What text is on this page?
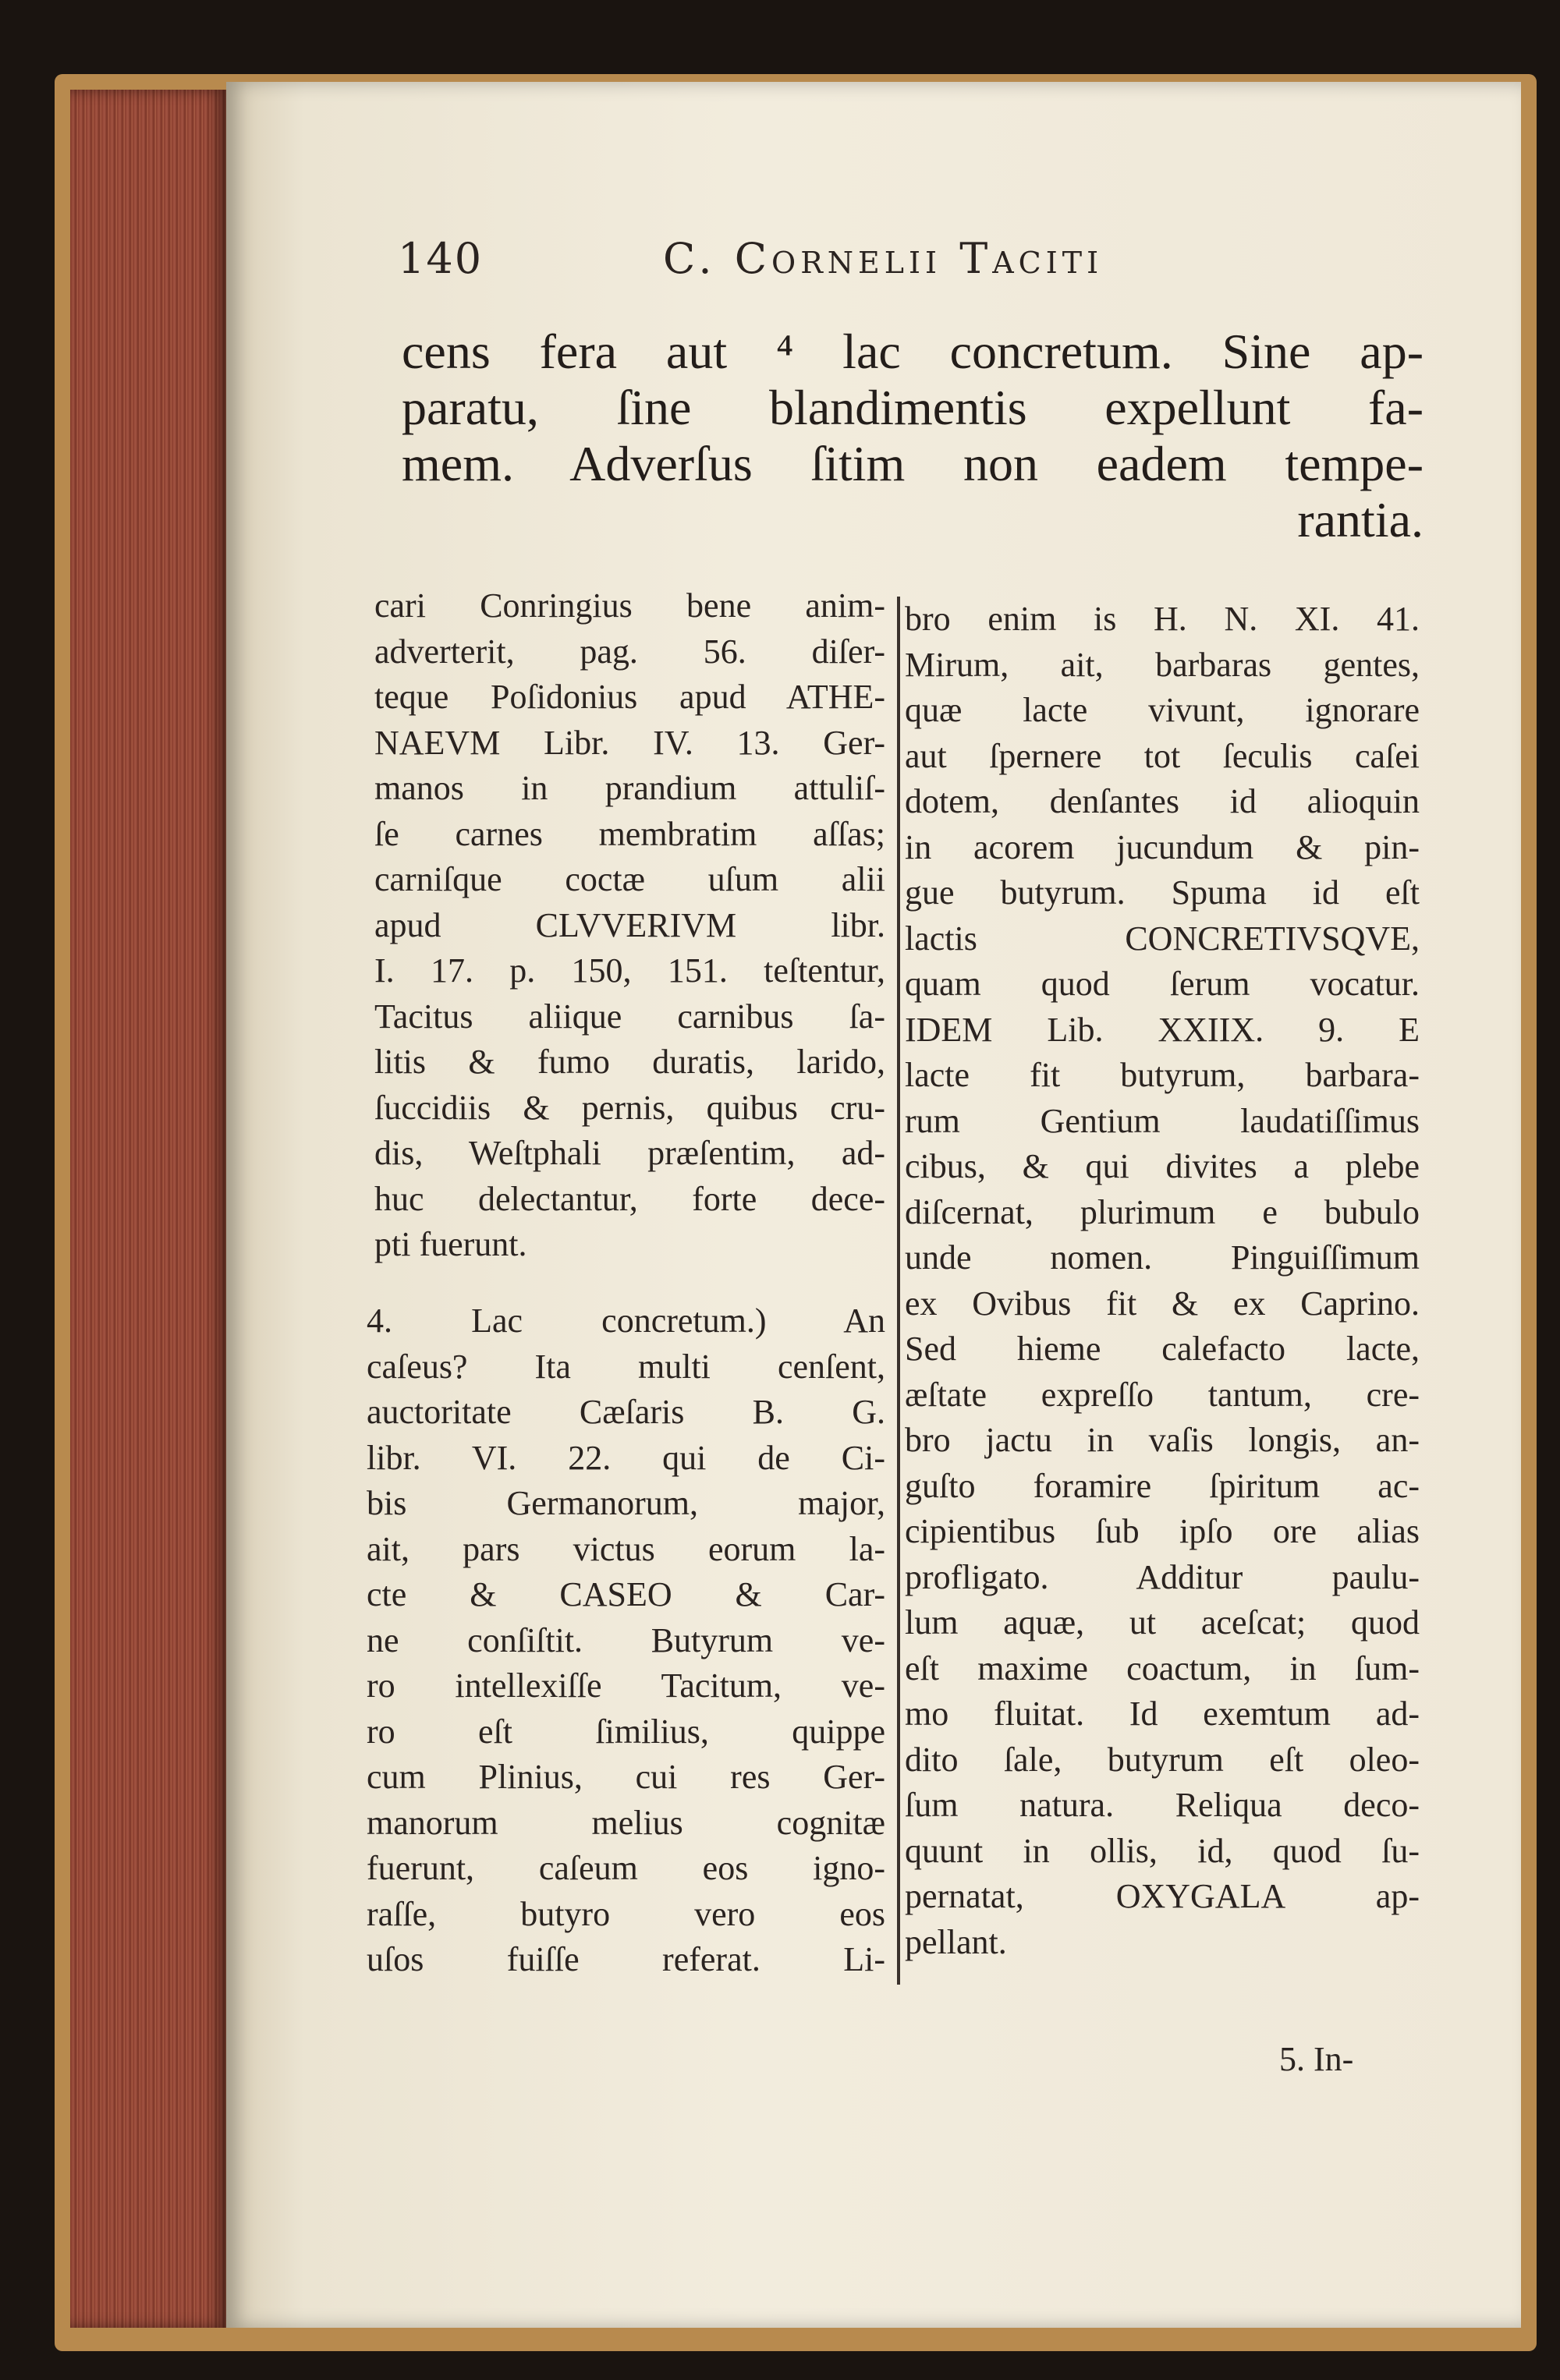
140	C. Cornelii Taciti
cens fera aut ⁴ lac concretum. Sine ap-
paratu, ſine blandimentis expellunt fa-
mem. Adverſus ſitim non eadem tempe-
rantia.

cari Conringius bene anim-

adverterit, pag. 56. diſer-

teque Poſidonius apud ATHE-

NAEVM Libr. IV. 13. Ger-

manos in prandium attuliſ-

ſe carnes membratim aſſas;

carniſque coctæ uſum alii

apud CLVVERIVM libr.

I. 17. p. 150, 151. teſtentur,

Tacitus aliique carnibus ſa-

litis & fumo duratis, larido,

ſuccidiis & pernis, quibus cru-

dis, Weſtphali præſentim, ad-

huc delectantur, forte dece-

pti fuerunt.

4. Lac concretum.) An

caſeus? Ita multi cenſent,

auctoritate Cæſaris B. G.

libr. VI. 22. qui de Ci-

bis Germanorum, major,

ait, pars victus eorum la-

cte & CASEO & Car-

ne conſiſtit. Butyrum ve-

ro intellexiſſe Tacitum, ve-

ro eſt ſimilius, quippe

cum Plinius, cui res Ger-

manorum melius cognitæ

fuerunt, caſeum eos igno-

raſſe, butyro vero eos

uſos fuiſſe referat. Li-

bro enim is H. N. XI. 41.

Mirum, ait, barbaras gentes,

quæ lacte vivunt, ignorare

aut ſpernere tot ſeculis caſei

dotem, denſantes id alioquin

in acorem jucundum & pin-

gue butyrum. Spuma id eſt

lactis CONCRETIVSQVE,

quam quod ſerum vocatur.

IDEM Lib. XXIIX. 9. E

lacte fit butyrum, barbara-

rum Gentium laudatiſſimus

cibus, & qui divites a plebe

diſcernat, plurimum e bubulo

unde nomen. Pinguiſſimum

ex Ovibus fit & ex Caprino.

Sed hieme calefacto lacte,

æſtate expreſſo tantum, cre-

bro jactu in vaſis longis, an-

guſto foramire ſpiritum ac-

cipientibus ſub ipſo ore alias

profligato. Additur paulu-

lum aquæ, ut aceſcat; quod

eſt maxime coactum, in ſum-

mo fluitat. Id exemtum ad-

dito ſale, butyrum eſt oleo-

ſum natura. Reliqua deco-

quunt in ollis, id, quod ſu-

pernatat, OXYGALA ap-

pellant.

5. In-
